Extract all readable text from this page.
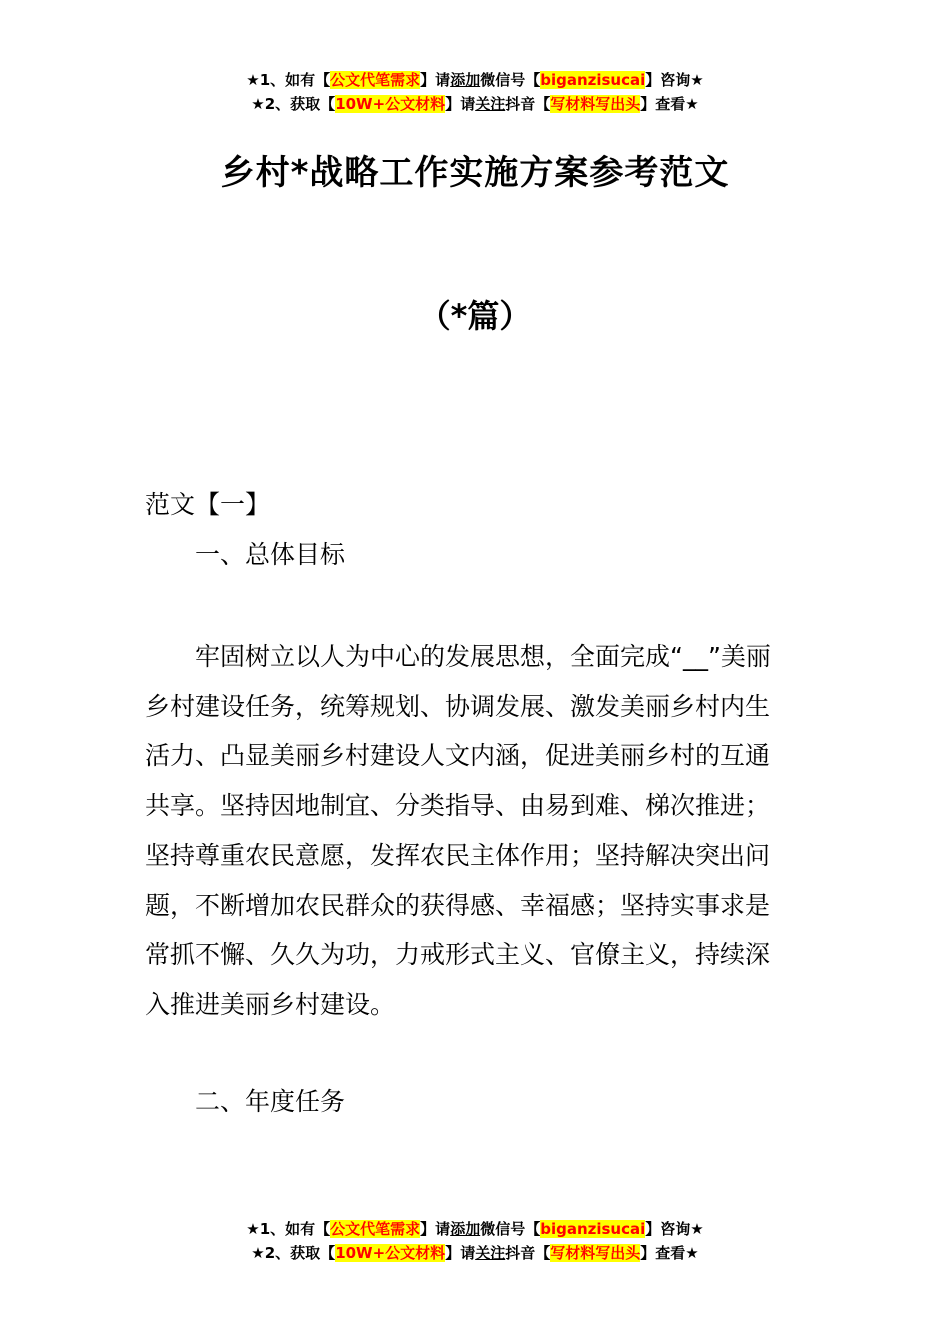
★1、如有【公文代笔需求】请添加微信号【biganzisucai】咨询★
★2、获取【10W+公文材料】请关注抖音【写材料写出头】查看★
乡村*战略工作实施方案参考范文
（*篇）
范文【一】
一、总体目标
　　牢固树立以人为中心的发展思想，全面完成“__”美丽
乡村建设任务，统筹规划、协调发展、激发美丽乡村内生
活力、凸显美丽乡村建设人文内涵，促进美丽乡村的互通
共享。坚持因地制宜、分类指导、由易到难、梯次推进；
坚持尊重农民意愿，发挥农民主体作用；坚持解决突出问
题，不断增加农民群众的获得感、幸福感；坚持实事求是
常抓不懈、久久为功，力戒形式主义、官僚主义，持续深
入推进美丽乡村建设。
二、年度任务
★1、如有【公文代笔需求】请添加微信号【biganzisucai】咨询★
★2、获取【10W+公文材料】请关注抖音【写材料写出头】查看★
